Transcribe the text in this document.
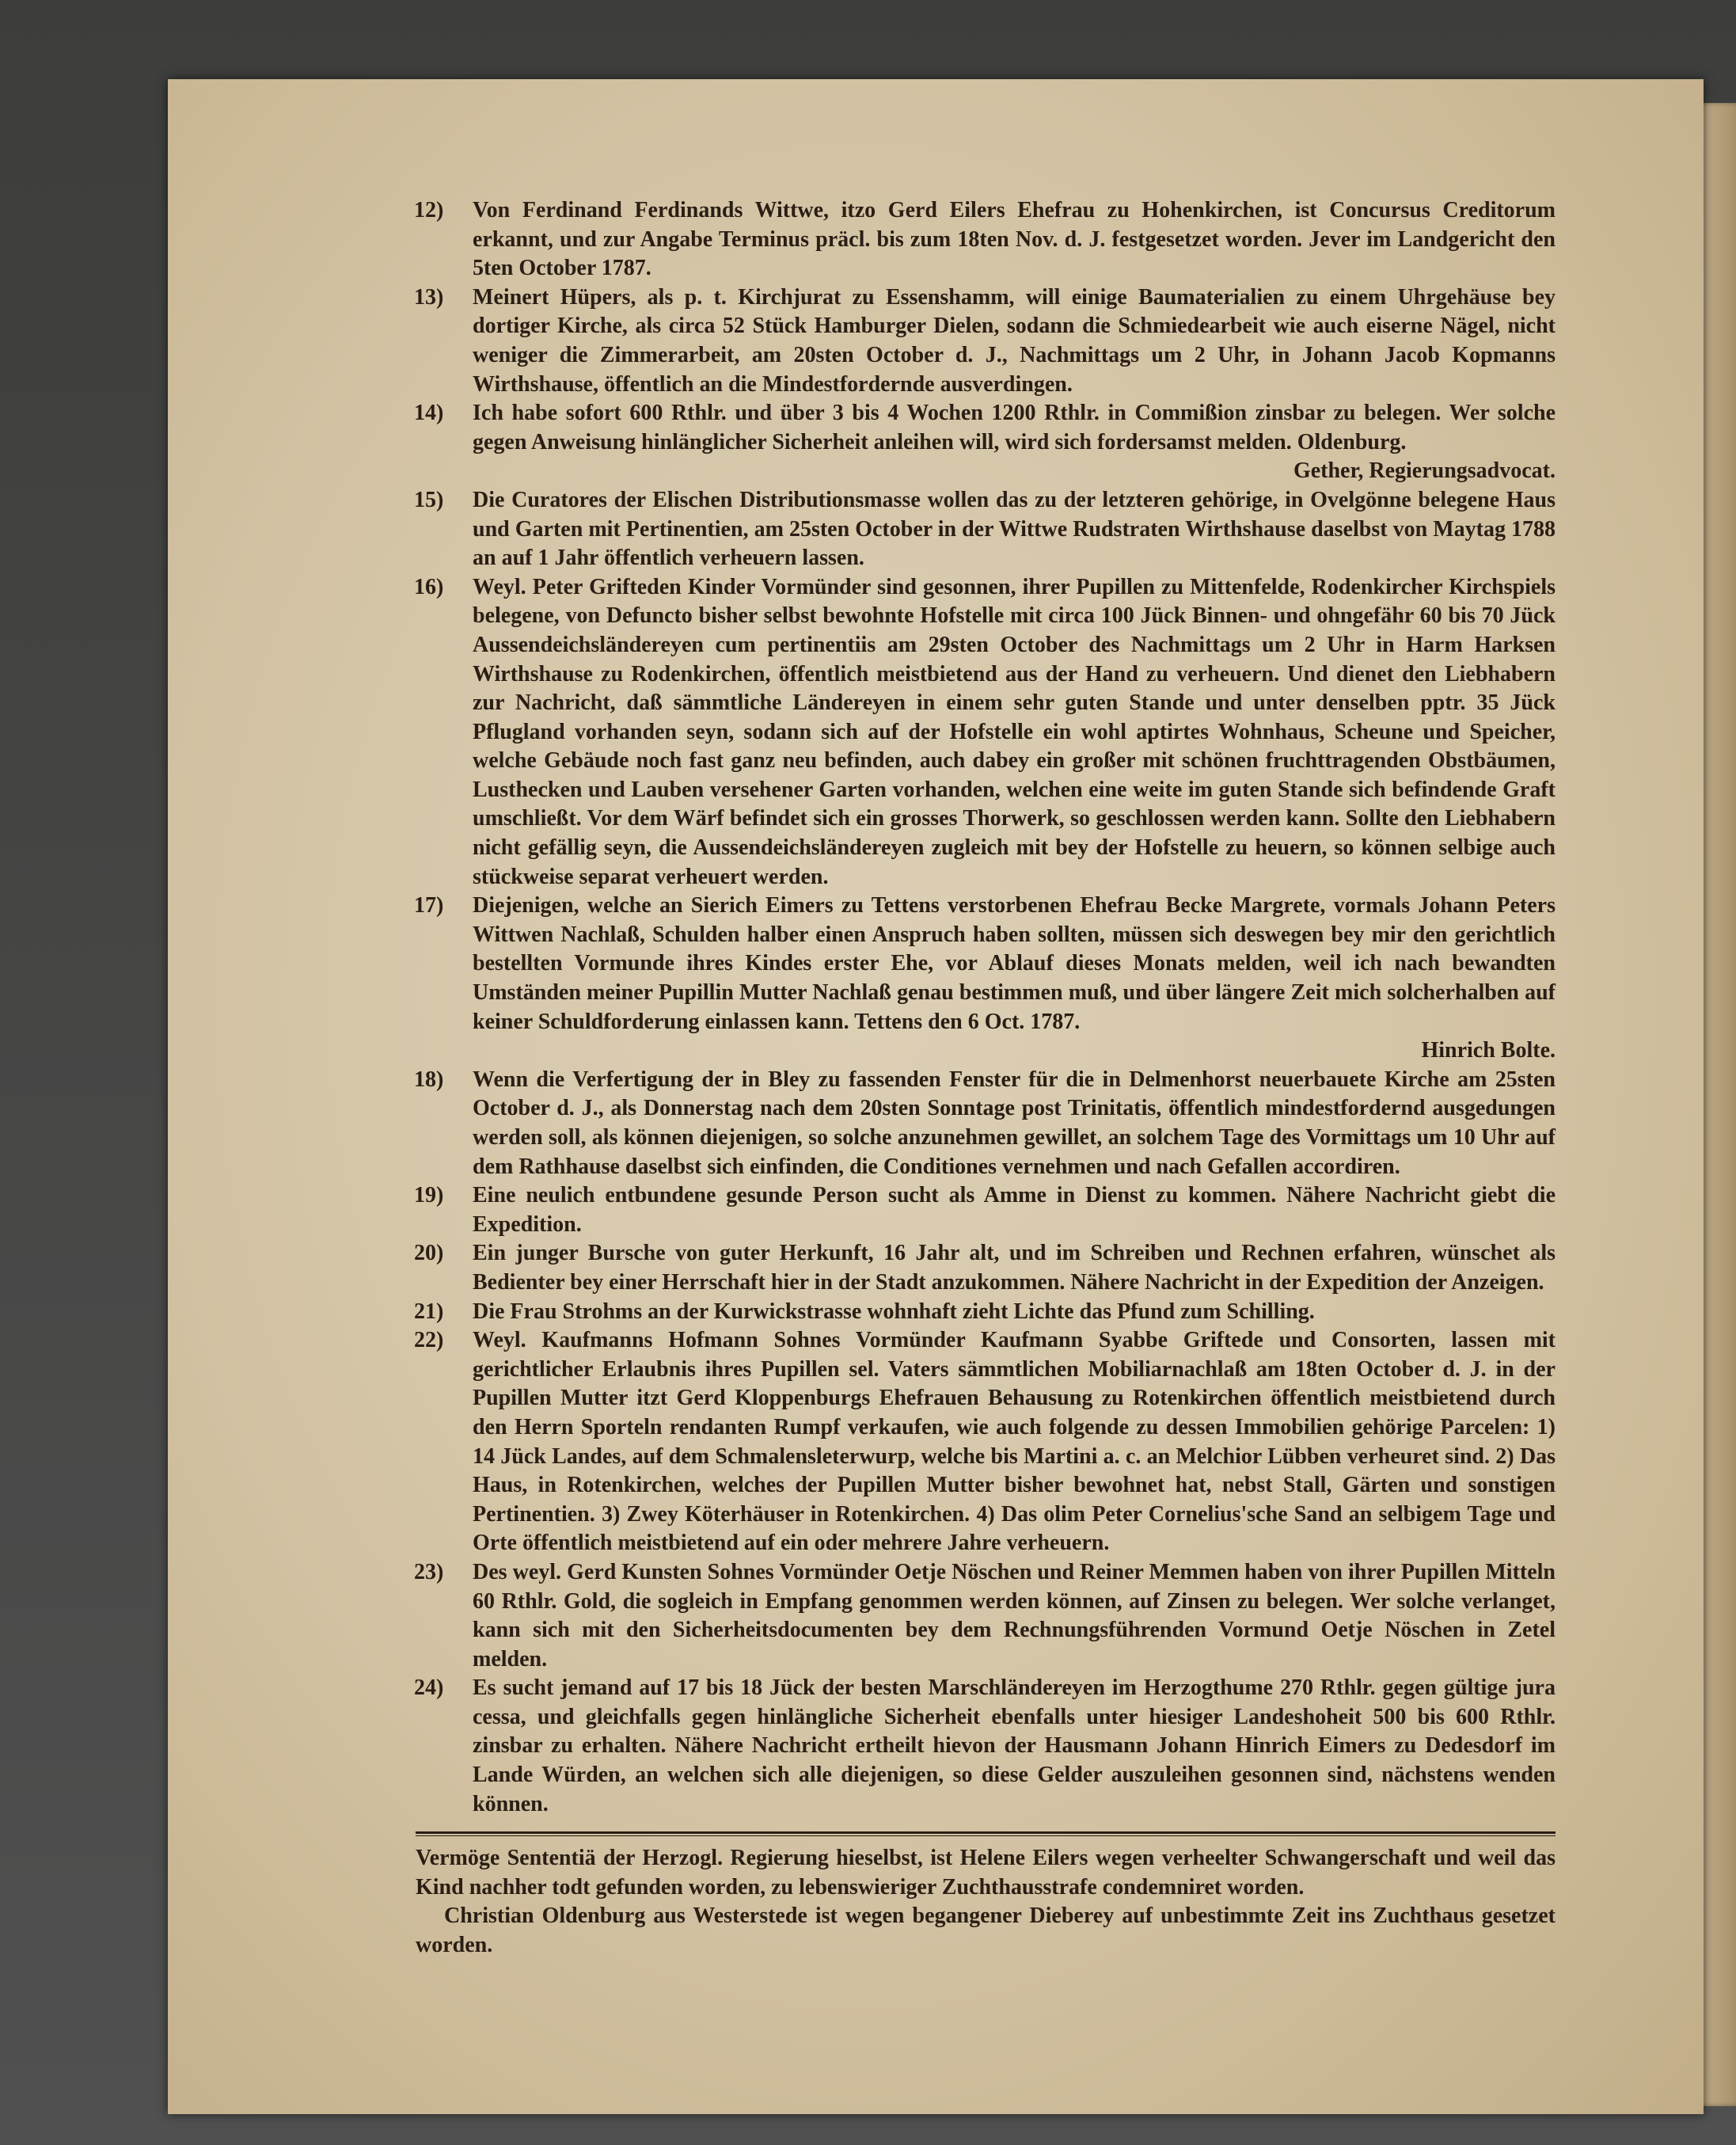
12)	Von Ferdinand Ferdinands Wittwe, itzo Gerd Eilers Ehefrau zu Hohenkirchen, ist Concursus Creditorum erkannt, und zur Angabe Terminus präcl. bis zum 18ten Nov. d. J. festgesetzet worden. Jever im Landgericht den 5ten October 1787.
13)	Meinert Hüpers, als p. t. Kirchjurat zu Essenshamm, will einige Baumaterialien zu einem Uhrgehäuse bey dortiger Kirche, als circa 52 Stück Hamburger Dielen, sodann die Schmiedearbeit wie auch eiserne Nägel, nicht weniger die Zimmerarbeit, am 20sten October d. J., Nachmittags um 2 Uhr, in Johann Jacob Kopmanns Wirthshause, öffentlich an die Mindestfordernde ausverdingen.
14)	Ich habe sofort 600 Rthlr. und über 3 bis 4 Wochen 1200 Rthlr. in Commißion zinsbar zu belegen. Wer solche gegen Anweisung hinlänglicher Sicherheit anleihen will, wird sich fordersamst melden. Oldenburg.
Gether, Regierungsadvocat.
15)	Die Curatores der Elischen Distributionsmasse wollen das zu der letzteren gehörige, in Ovelgönne belegene Haus und Garten mit Pertinentien, am 25sten October in der Wittwe Rudstraten Wirthshause daselbst von Maytag 1788 an auf 1 Jahr öffentlich verheuern lassen.
16)	Weyl. Peter Grifteden Kinder Vormünder sind gesonnen, ihrer Pupillen zu Mittenfelde, Rodenkircher Kirchspiels belegene, von Defuncto bisher selbst bewohnte Hofstelle mit circa 100 Jück Binnen- und ohngefähr 60 bis 70 Jück Aussendeichsländereyen cum pertinentiis am 29sten October des Nachmittags um 2 Uhr in Harm Harksen Wirthshause zu Rodenkirchen, öffentlich meistbietend aus der Hand zu verheuern. Und dienet den Liebhabern zur Nachricht, daß sämmtliche Ländereyen in einem sehr guten Stande und unter denselben pptr. 35 Jück Pflugland vorhanden seyn, sodann sich auf der Hofstelle ein wohl aptirtes Wohnhaus, Scheune und Speicher, welche Gebäude noch fast ganz neu befinden, auch dabey ein großer mit schönen fruchttragenden Obstbäumen, Lusthecken und Lauben versehener Garten vorhanden, welchen eine weite im guten Stande sich befindende Graft umschließt. Vor dem Wärf befindet sich ein grosses Thorwerk, so geschlossen werden kann. Sollte den Liebhabern nicht gefällig seyn, die Aussendeichsländereyen zugleich mit bey der Hofstelle zu heuern, so können selbige auch stückweise separat verheuert werden.
17)	Diejenigen, welche an Sierich Eimers zu Tettens verstorbenen Ehefrau Becke Margrete, vormals Johann Peters Wittwen Nachlaß, Schulden halber einen Anspruch haben sollten, müssen sich deswegen bey mir den gerichtlich bestellten Vormunde ihres Kindes erster Ehe, vor Ablauf dieses Monats melden, weil ich nach bewandten Umständen meiner Pupillin Mutter Nachlaß genau bestimmen muß, und über längere Zeit mich solcherhalben auf keiner Schuldforderung einlassen kann. Tettens den 6 Oct. 1787.
Hinrich Bolte.
18)	Wenn die Verfertigung der in Bley zu fassenden Fenster für die in Delmenhorst neuerbauete Kirche am 25sten October d. J., als Donnerstag nach dem 20sten Sonntage post Trinitatis, öffentlich mindestfordernd ausgedungen werden soll, als können diejenigen, so solche anzunehmen gewillet, an solchem Tage des Vormittags um 10 Uhr auf dem Rathhause daselbst sich einfinden, die Conditiones vernehmen und nach Gefallen accordiren.
19)	Eine neulich entbundene gesunde Person sucht als Amme in Dienst zu kommen. Nähere Nachricht giebt die Expedition.
20)	Ein junger Bursche von guter Herkunft, 16 Jahr alt, und im Schreiben und Rechnen erfahren, wünschet als Bedienter bey einer Herrschaft hier in der Stadt anzukommen. Nähere Nachricht in der Expedition der Anzeigen.
21)	Die Frau Strohms an der Kurwickstrasse wohnhaft zieht Lichte das Pfund zum Schilling.
22)	Weyl. Kaufmanns Hofmann Sohnes Vormünder Kaufmann Syabbe Griftede und Consorten, lassen mit gerichtlicher Erlaubnis ihres Pupillen sel. Vaters sämmtlichen Mobiliarnachlaß am 18ten October d. J. in der Pupillen Mutter itzt Gerd Kloppenburgs Ehefrauen Behausung zu Rotenkirchen öffentlich meistbietend durch den Herrn Sporteln rendanten Rumpf verkaufen, wie auch folgende zu dessen Immobilien gehörige Parcelen: 1) 14 Jück Landes, auf dem Schmalensleterwurp, welche bis Martini a. c. an Melchior Lübben verheuret sind. 2) Das Haus, in Rotenkirchen, welches der Pupillen Mutter bisher bewohnet hat, nebst Stall, Gärten und sonstigen Pertinentien. 3) Zwey Köterhäuser in Rotenkirchen. 4) Das olim Peter Cornelius'sche Sand an selbigem Tage und Orte öffentlich meistbietend auf ein oder mehrere Jahre verheuern.
23)	Des weyl. Gerd Kunsten Sohnes Vormünder Oetje Nöschen und Reiner Memmen haben von ihrer Pupillen Mitteln 60 Rthlr. Gold, die sogleich in Empfang genommen werden können, auf Zinsen zu belegen. Wer solche verlanget, kann sich mit den Sicherheitsdocumenten bey dem Rechnungsführenden Vormund Oetje Nöschen in Zetel melden.
24)	Es sucht jemand auf 17 bis 18 Jück der besten Marschländereyen im Herzogthume 270 Rthlr. gegen gültige jura cessa, und gleichfalls gegen hinlängliche Sicherheit ebenfalls unter hiesiger Landeshoheit 500 bis 600 Rthlr. zinsbar zu erhalten. Nähere Nachricht ertheilt hievon der Hausmann Johann Hinrich Eimers zu Dedesdorf im Lande Würden, an welchen sich alle diejenigen, so diese Gelder auszuleihen gesonnen sind, nächstens wenden können.

Vermöge Sententiä der Herzogl. Regierung hieselbst, ist Helene Eilers wegen verheelter Schwangerschaft und weil das Kind nachher todt gefunden worden, zu lebenswieriger Zuchthausstrafe condemniret worden.

Christian Oldenburg aus Westerstede ist wegen begangener Dieberey auf unbestimmte Zeit ins Zuchthaus gesetzet worden.
